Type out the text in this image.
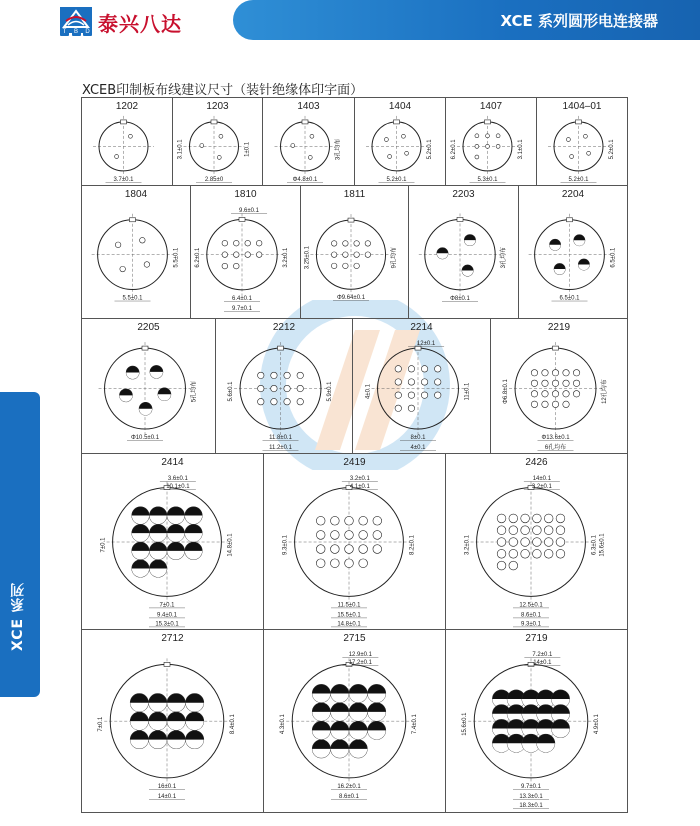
T	B	D 泰兴八达	XCE 系列圆形电连接器
XCE 系列
XCEB印制板布线建议尺寸（装针绝缘体印字面）
1202
3.7±0.1
1203
2.85±0
1±0.1
3.1±0.1
1403
Φ4.8±0.1
3孔均布
1404
5.2±0.1
5.2±0.1
1407
5.3±0.1
3.1±0.1
6.2±0.1
1404–01
5.2±0.1
5.2±0.1
1804
5.5±0.1
5.5±0.1
1810
6.4±0.1
3.2±0.1
6.2±0.1
9.7±0.1
9.6±0.1
1811
Φ9.64±0.1
9孔均布
3.25±0.1
2203
Φ8±0.1
3孔均布
2204
6.5±0.1
6.5±0.1
2205
Φ10.5±0.1
5孔均布
2212
11.8±0.1
5.9±0.1
5.6±0.1
11.2±0.1
2214
8±0.1
11±0.1
4±0.1
4±0.1
12±0.1
2219
Φ13.6±0.1
12孔均布
Φ6.8±0.1
6孔均布
2414
7±0.1
14.8±0.1
7±0.1
9.4±0.1
3.6±0.1
10.1±0.1
15.3±0.1
2419
11.5±0.1
8.2±0.1
9.3±0.1
15.5±0.1
3.2±0.1
4.1±0.1
14.8±0.1
2426
12.5±0.1
6.3±0.1
3.2±0.1
8.6±0.1
14±0.1
3.2±0.1
9.3±0.1
15.6±0.1
2712
16±0.1
8.4±0.1
7±0.1
14±0.1
2715
16.2±0.1
7.4±0.1
4.3±0.1
8.6±0.1
12.9±0.1
17.2±0.1
2719
9.7±0.1
4.9±0.1
15.6±0.1
13.3±0.1
7.2±0.1
14±0.1
18.3±0.1
